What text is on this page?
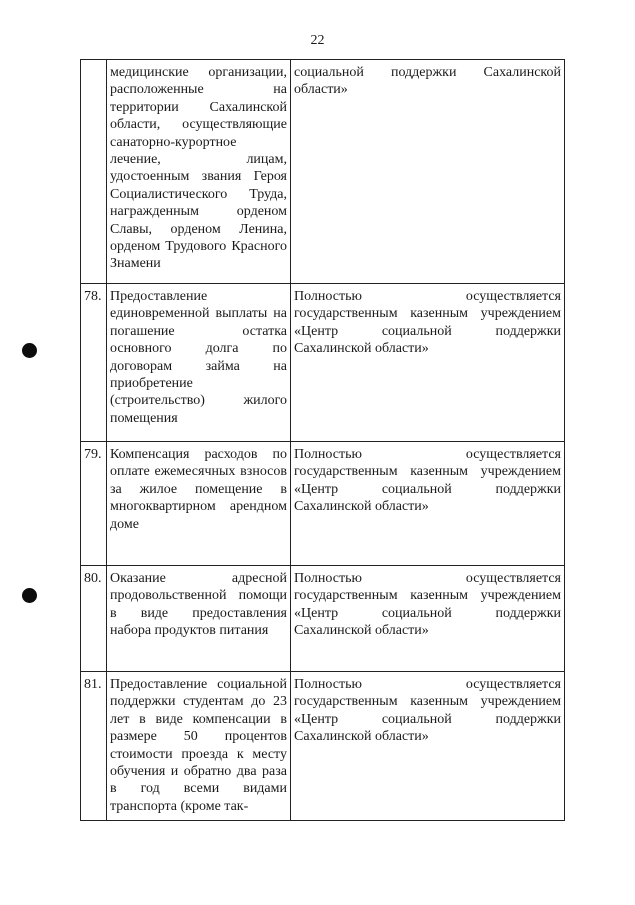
22

	медицинские организации, расположенные на территории Сахалинской области, осуществляющие санаторно-курортное лечение, лицам, удостоенным звания Героя Социалистического Труда, награжденным орденом Славы, орденом Ленина, орденом Трудового Красного Знамени	социальной поддержки Сахалинской области»

78.	Предоставление единовременной выплаты на погашение остатка основного долга по договорам займа на приобретение (строительство) жилого помещения	Полностью осуществляется государственным казенным учреждением «Центр социальной поддержки Сахалинской области»

79.	Компенсация расходов по оплате ежемесячных взносов за жилое помещение в многоквартирном арендном доме	Полностью осуществляется государственным казенным учреждением «Центр социальной поддержки Сахалинской области»

80.	Оказание адресной продовольственной помощи в виде предоставления набора продуктов питания	Полностью осуществляется государственным казенным учреждением «Центр социальной поддержки Сахалинской области»

81.	Предоставление социальной поддержки студентам до 23 лет в виде компенсации в размере 50 процентов стоимости проезда к месту обучения и обратно два раза в год всеми видами транспорта (кроме так-	Полностью осуществляется государственным казенным учреждением «Центр социальной поддержки Сахалинской области»
